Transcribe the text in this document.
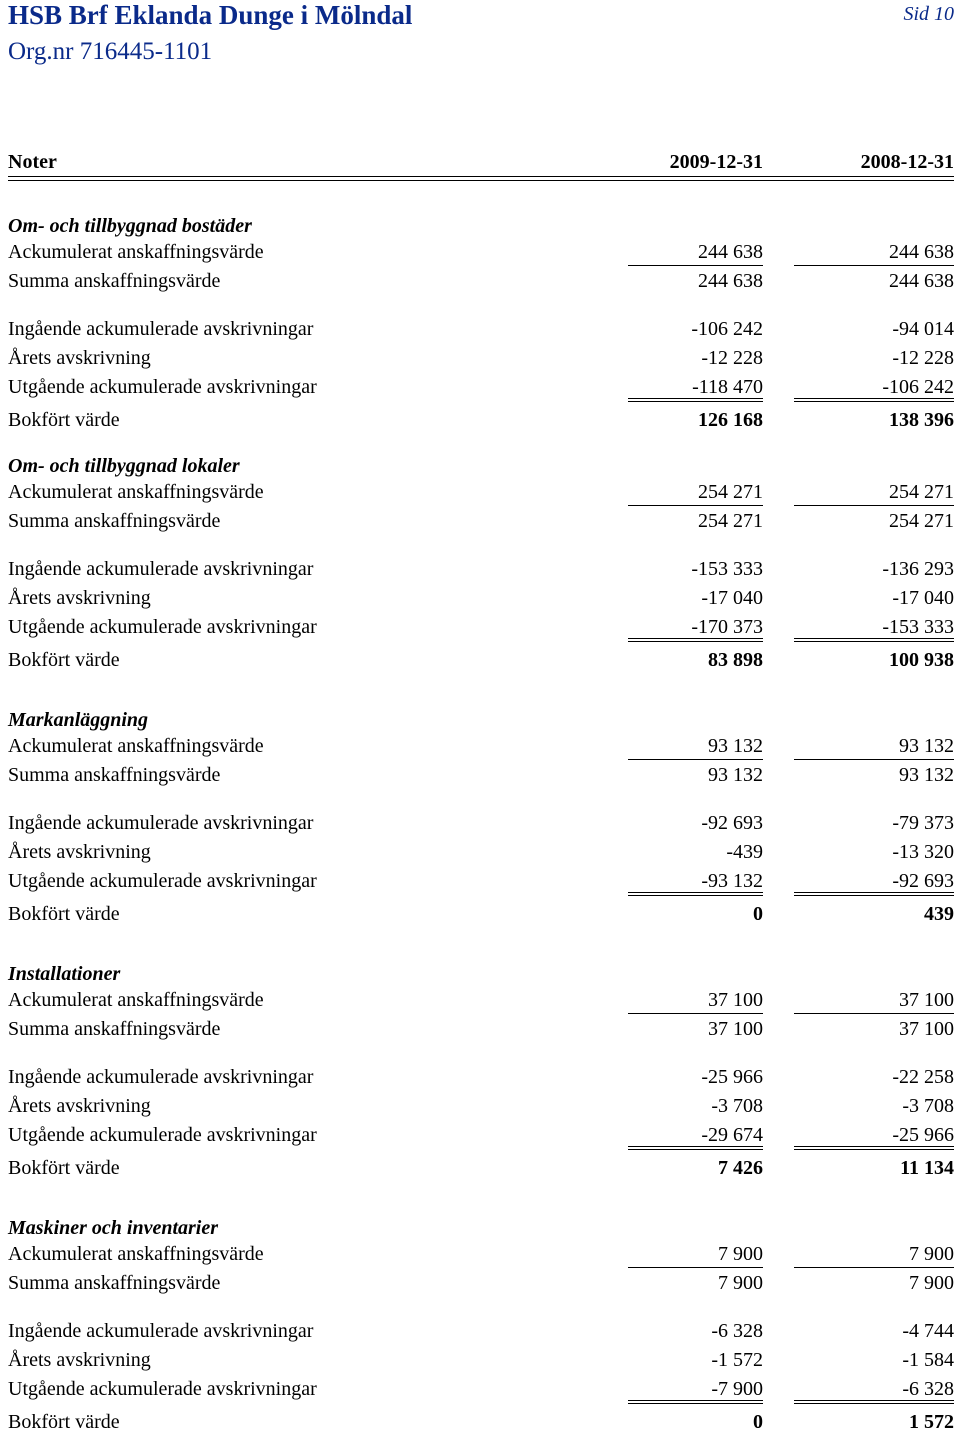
HSB Brf Eklanda Dunge i Mölndal
Org.nr 716445-1101
Sid 10
Noter	2009-12-31	2008-12-31
Om- och tillbyggnad bostäder
Ackumulerat anskaffningsvärde	244 638	244 638
Summa anskaffningsvärde	244 638	244 638
Ingående ackumulerade avskrivningar	-106 242	-94 014
Årets avskrivning	-12 228	-12 228
Utgående ackumulerade avskrivningar	-118 470	-106 242
Bokfört värde	126 168	138 396
Om- och tillbyggnad lokaler
Ackumulerat anskaffningsvärde	254 271	254 271
Summa anskaffningsvärde	254 271	254 271
Ingående ackumulerade avskrivningar	-153 333	-136 293
Årets avskrivning	-17 040	-17 040
Utgående ackumulerade avskrivningar	-170 373	-153 333
Bokfört värde	83 898	100 938
Markanläggning
Ackumulerat anskaffningsvärde	93 132	93 132
Summa anskaffningsvärde	93 132	93 132
Ingående ackumulerade avskrivningar	-92 693	-79 373
Årets avskrivning	-439	-13 320
Utgående ackumulerade avskrivningar	-93 132	-92 693
Bokfört värde	0	439
Installationer
Ackumulerat anskaffningsvärde	37 100	37 100
Summa anskaffningsvärde	37 100	37 100
Ingående ackumulerade avskrivningar	-25 966	-22 258
Årets avskrivning	-3 708	-3 708
Utgående ackumulerade avskrivningar	-29 674	-25 966
Bokfört värde	7 426	11 134
Maskiner och inventarier
Ackumulerat anskaffningsvärde	7 900	7 900
Summa anskaffningsvärde	7 900	7 900
Ingående ackumulerade avskrivningar	-6 328	-4 744
Årets avskrivning	-1 572	-1 584
Utgående ackumulerade avskrivningar	-7 900	-6 328
Bokfört värde	0	1 572
